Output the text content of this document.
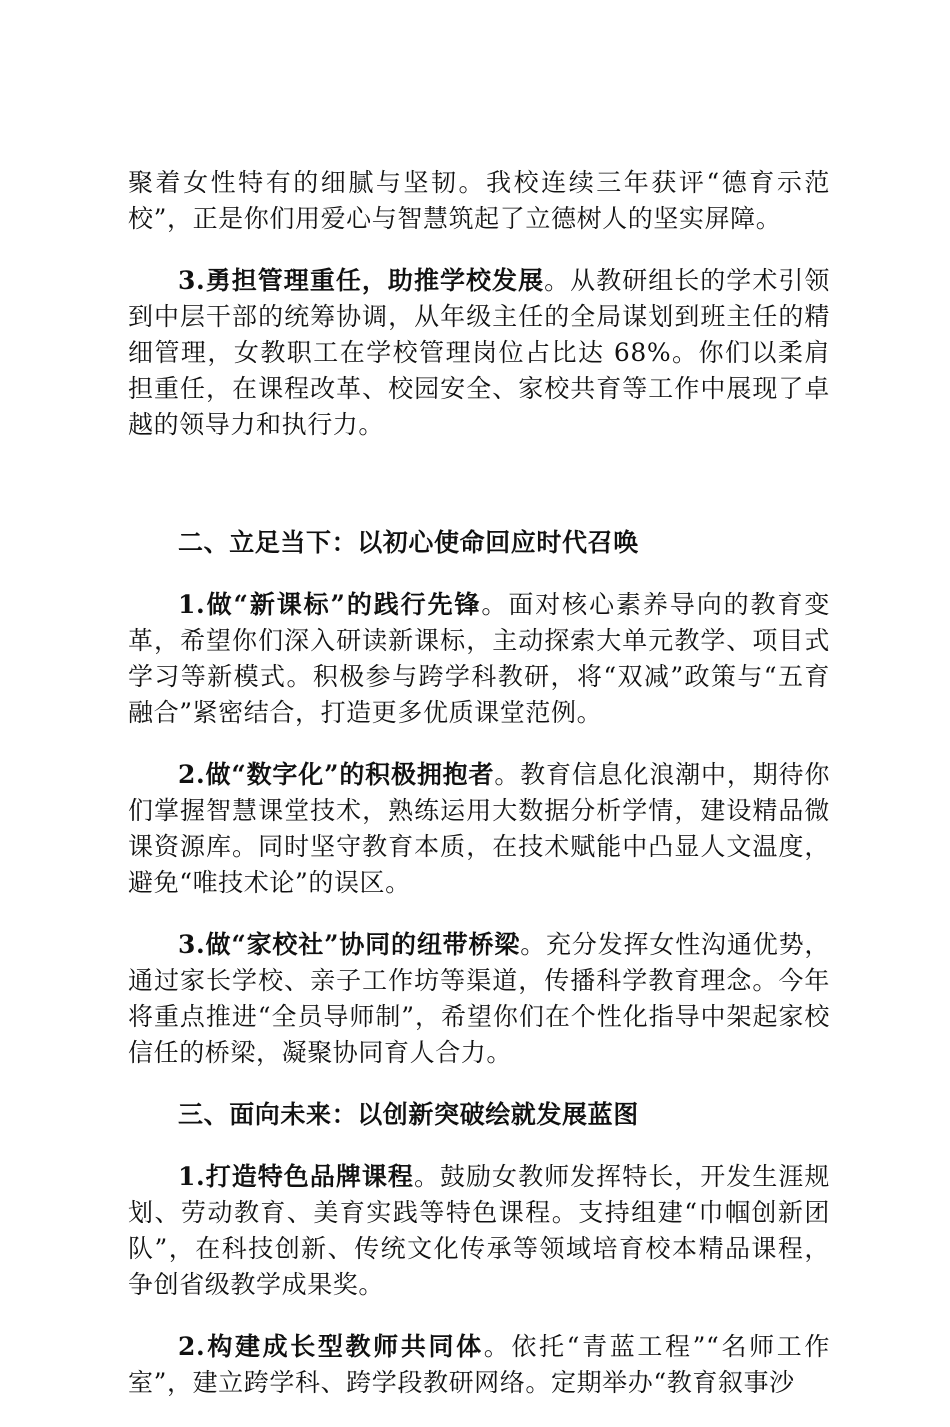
聚着女性特有的细腻与坚韧。我校连续三年获评“德育示范校”，正是你们用爱心与智慧筑起了立德树人的坚实屏障。

3.勇担管理重任，助推学校发展。从教研组长的学术引领到中层干部的统筹协调，从年级主任的全局谋划到班主任的精细管理，女教职工在学校管理岗位占比达 68%。你们以柔肩担重任，在课程改革、校园安全、家校共育等工作中展现了卓越的领导力和执行力。

二、立足当下：以初心使命回应时代召唤

1.做“新课标”的践行先锋。面对核心素养导向的教育变革，希望你们深入研读新课标，主动探索大单元教学、项目式学习等新模式。积极参与跨学科教研，将“双减”政策与“五育融合”紧密结合，打造更多优质课堂范例。

2.做“数字化”的积极拥抱者。教育信息化浪潮中，期待你们掌握智慧课堂技术，熟练运用大数据分析学情，建设精品微课资源库。同时坚守教育本质，在技术赋能中凸显人文温度，避免“唯技术论”的误区。

3.做“家校社”协同的纽带桥梁。充分发挥女性沟通优势，通过家长学校、亲子工作坊等渠道，传播科学教育理念。今年将重点推进“全员导师制”，希望你们在个性化指导中架起家校信任的桥梁，凝聚协同育人合力。

三、面向未来：以创新突破绘就发展蓝图

1.打造特色品牌课程。鼓励女教师发挥特长，开发生涯规划、劳动教育、美育实践等特色课程。支持组建“巾帼创新团队”，在科技创新、传统文化传承等领域培育校本精品课程，争创省级教学成果奖。

2.构建成长型教师共同体。依托“青蓝工程”“名师工作室”，建立跨学科、跨学段教研网络。定期举办“教育叙事沙
